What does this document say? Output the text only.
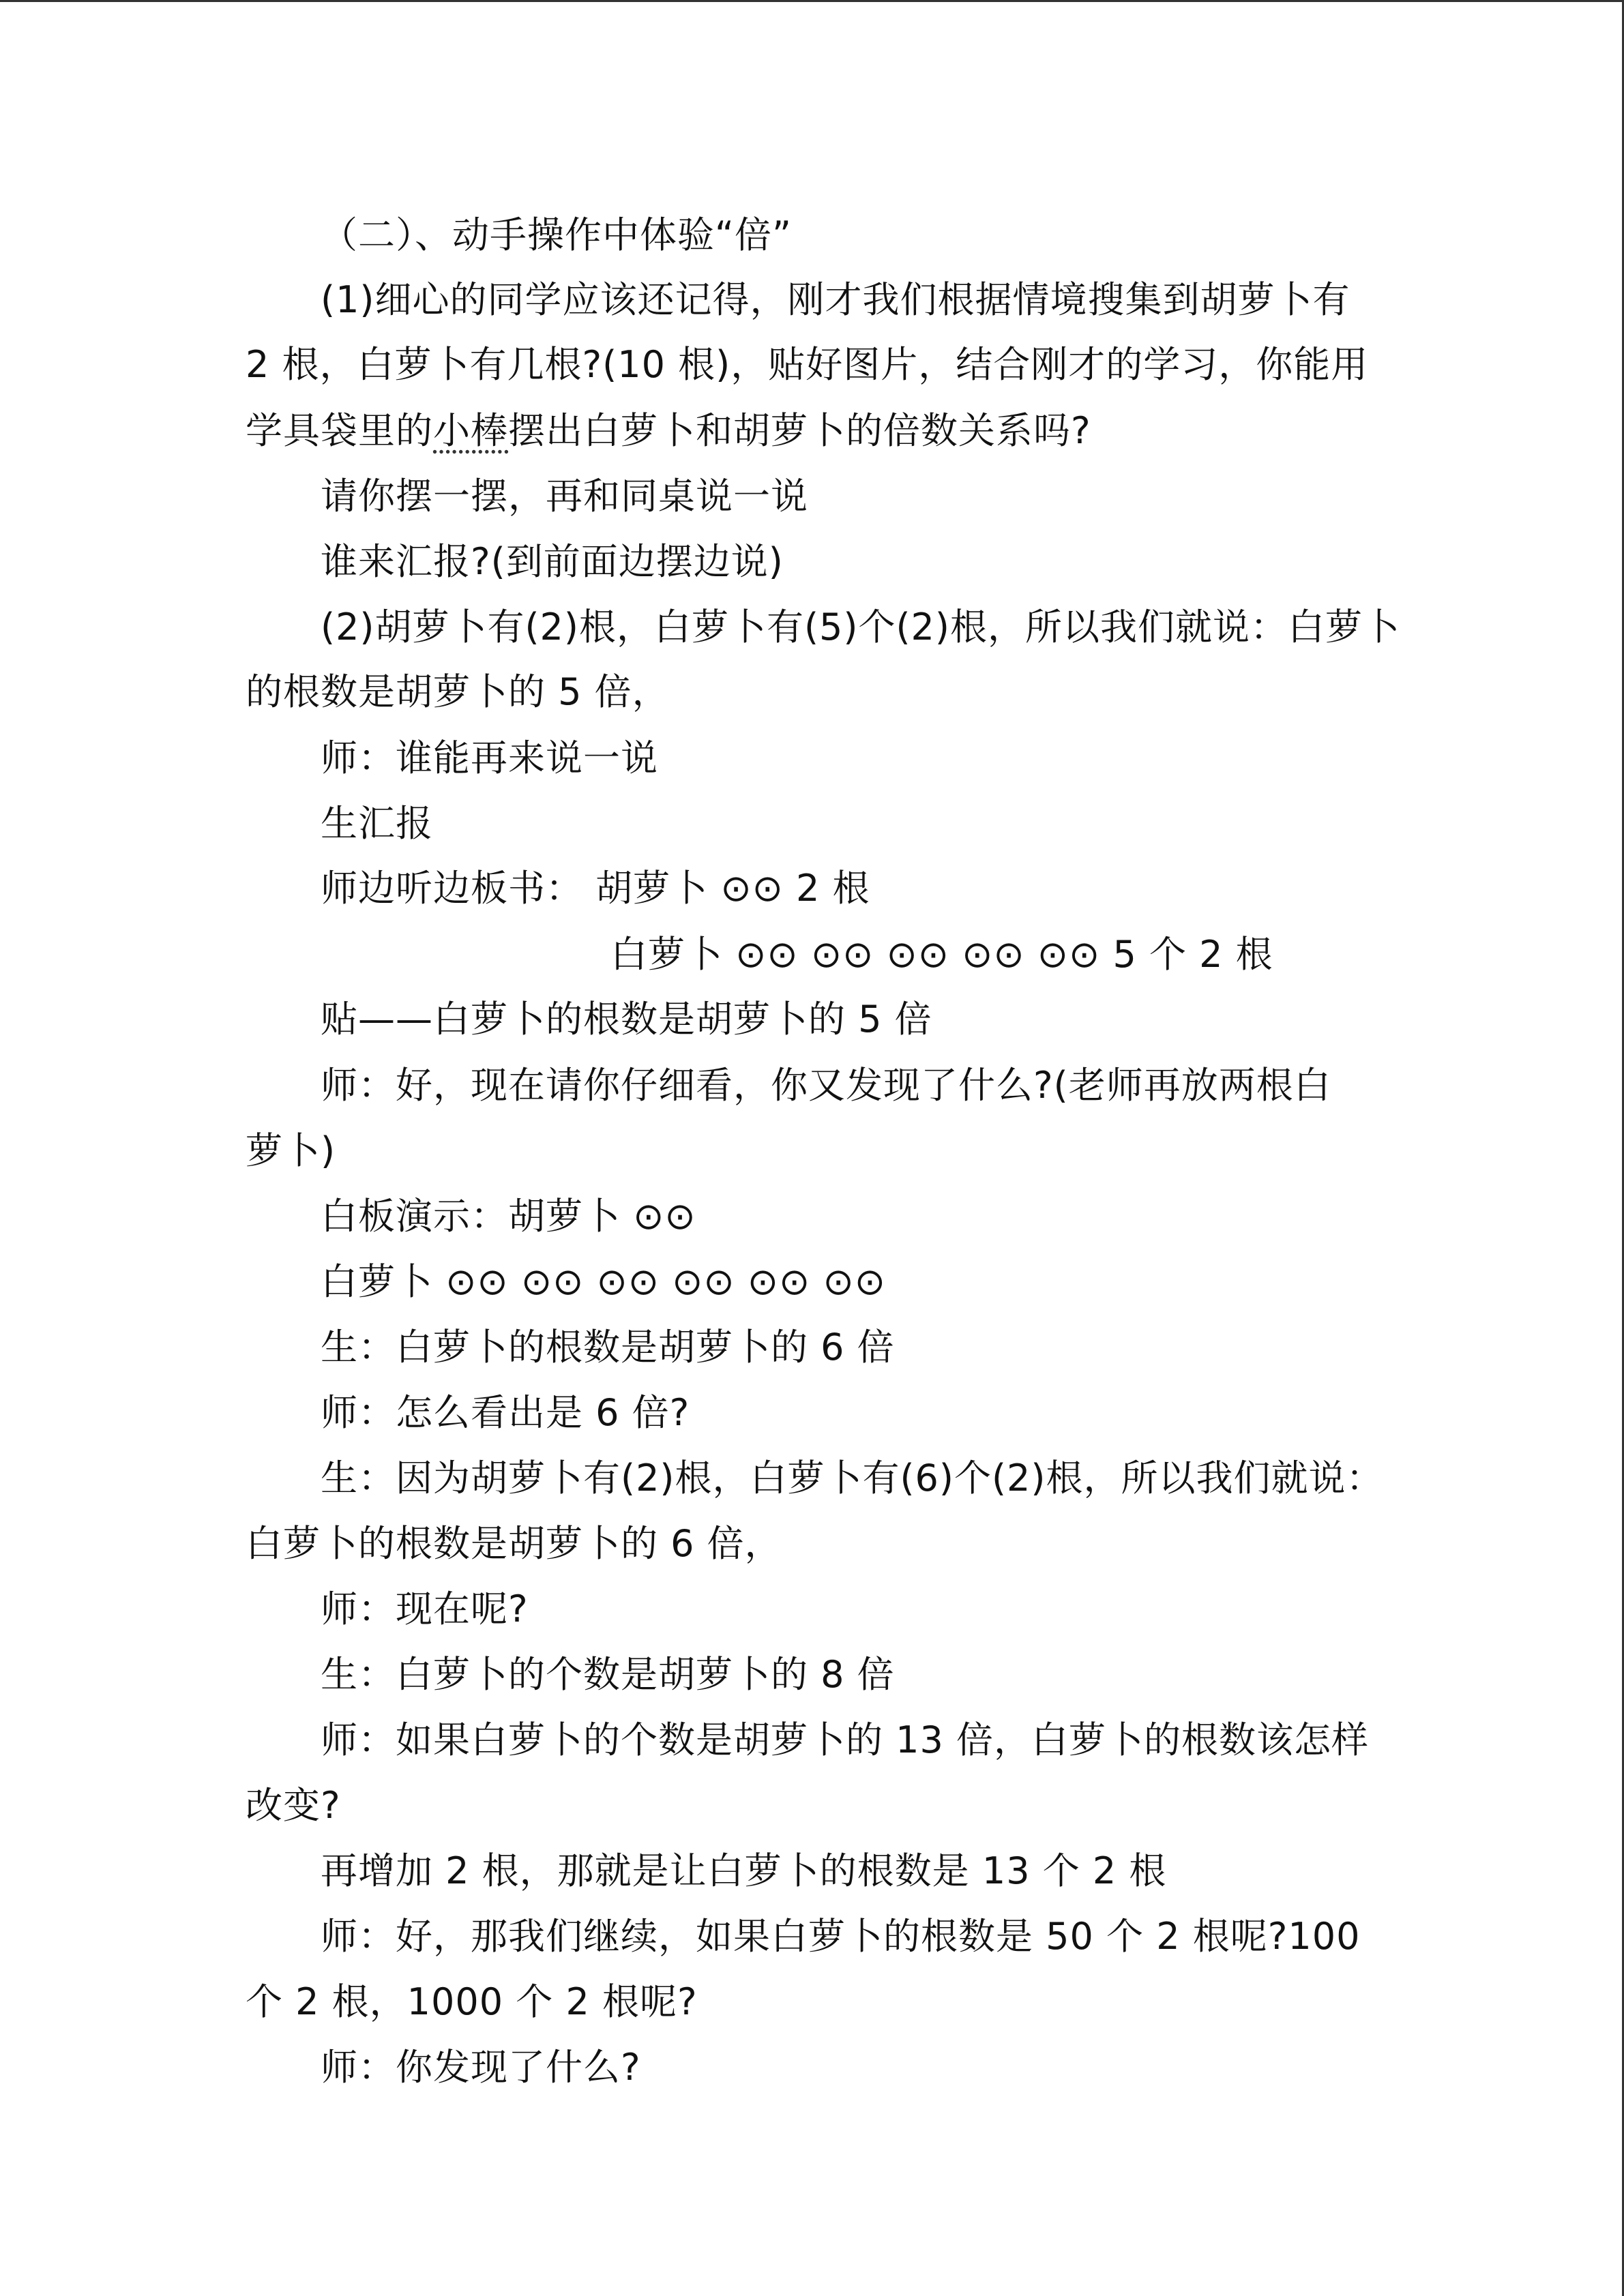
（二）、动手操作中体验“倍”
(1)细心的同学应该还记得，刚才我们根据情境搜集到胡萝卜有
2 根，白萝卜有几根?(10 根)，贴好图片，结合刚才的学习，你能用
学具袋里的小棒摆出白萝卜和胡萝卜的倍数关系吗?
请你摆一摆，再和同桌说一说
谁来汇报?(到前面边摆边说)
(2)胡萝卜有(2)根，白萝卜有(5)个(2)根，所以我们就说：白萝卜
的根数是胡萝卜的 5 倍，
师：谁能再来说一说
生汇报
师边听边板书： 胡萝卜 ⊙⊙ 2 根
白萝卜 ⊙⊙ ⊙⊙ ⊙⊙ ⊙⊙ ⊙⊙ 5 个 2 根
贴——白萝卜的根数是胡萝卜的 5 倍
师：好，现在请你仔细看，你又发现了什么?(老师再放两根白
萝卜)
白板演示：胡萝卜 ⊙⊙
白萝卜 ⊙⊙ ⊙⊙ ⊙⊙ ⊙⊙ ⊙⊙ ⊙⊙
生：白萝卜的根数是胡萝卜的 6 倍
师：怎么看出是 6 倍?
生：因为胡萝卜有(2)根，白萝卜有(6)个(2)根，所以我们就说：
白萝卜的根数是胡萝卜的 6 倍，
师：现在呢?
生：白萝卜的个数是胡萝卜的 8 倍
师：如果白萝卜的个数是胡萝卜的 13 倍，白萝卜的根数该怎样
改变?
再增加 2 根，那就是让白萝卜的根数是 13 个 2 根
师：好，那我们继续，如果白萝卜的根数是 50 个 2 根呢?100
个 2 根，1000 个 2 根呢?
师：你发现了什么?
